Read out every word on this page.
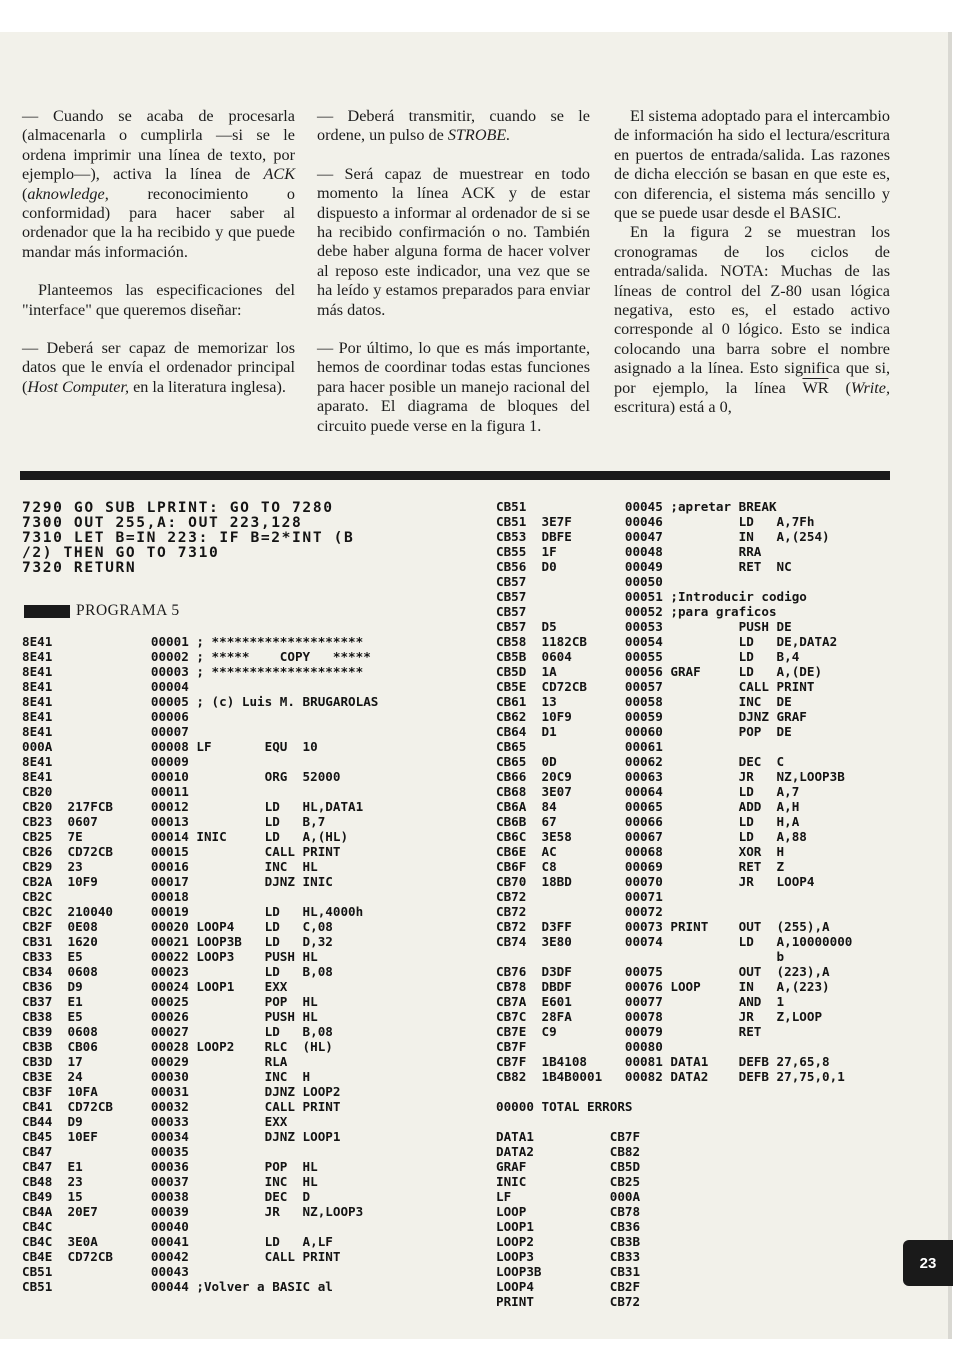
— Cuando se acaba de procesarla (almacenarla o cumplirla —si se le ordena imprimir una línea de texto, por ejemplo—), activa la línea de ACK (aknowledge, reconocimiento o conformidad) para hacer saber al ordenador que la ha recibido y que puede mandar más información.

Planteemos las especificaciones del "interface" que queremos diseñar:

— Deberá ser capaz de memorizar los datos que le envía el ordenador principal (Host Computer, en la literatura inglesa).

— Deberá transmitir, cuando se le ordene, un pulso de STROBE.

— Será capaz de muestrear en todo momento la línea ACK y de estar dispuesto a informar al ordenador de si se ha recibido confirmación o no. También debe haber alguna forma de hacer volver al reposo este indicador, una vez que se ha leído y estamos preparados para enviar más datos.

— Por último, lo que es más importante, hemos de coordinar todas estas funciones para hacer posible un manejo racional del aparato. El diagrama de bloques del circuito puede verse en la figura 1.

El sistema adoptado para el intercambio de información ha sido el lectura/escritura en puertos de entrada/salida. Las razones de dicha elección se basan en que este es, con diferencia, el sistema más sencillo y que se puede usar desde el BASIC.

En la figura 2 se muestran los cronogramas de los ciclos de entrada/salida. NOTA: Muchas de las líneas de control del Z-80 usan lógica negativa, esto es, el estado activo corresponde al 0 lógico. Esto se indica colocando una barra sobre el nombre asignado a la línea. Esto significa que si, por ejemplo, la línea $\overline{WR}$ (Write, escritura) está a 0,

7290 GO SUB LPRINT: GO TO 7280
7300 OUT 255,A: OUT 223,128
7310 LET B=IN 223: IF B=2*INT (B
/2) THEN GO TO 7310
7320 RETURN
PROGRAMA 5
8E41             00001 ; ********************
8E41             00002 ; *****    COPY   *****
8E41             00003 ; ********************
8E41             00004
8E41             00005 ; (c) Luis M. BRUGAROLAS
8E41             00006
8E41             00007
000A             00008 LF       EQU  10
8E41             00009
8E41             00010          ORG  52000
CB20             00011
CB20  217FCB     00012          LD   HL,DATA1
CB23  0607       00013          LD   B,7
CB25  7E         00014 INIC     LD   A,(HL)
CB26  CD72CB     00015          CALL PRINT
CB29  23         00016          INC  HL
CB2A  10F9       00017          DJNZ INIC
CB2C             00018
CB2C  210040     00019          LD   HL,4000h
CB2F  0E08       00020 LOOP4    LD   C,08
CB31  1620       00021 LOOP3B   LD   D,32
CB33  E5         00022 LOOP3    PUSH HL
CB34  0608       00023          LD   B,08
CB36  D9         00024 LOOP1    EXX
CB37  E1         00025          POP  HL
CB38  E5         00026          PUSH HL
CB39  0608       00027          LD   B,08
CB3B  CB06       00028 LOOP2    RLC  (HL)
CB3D  17         00029          RLA
CB3E  24         00030          INC  H
CB3F  10FA       00031          DJNZ LOOP2
CB41  CD72CB     00032          CALL PRINT
CB44  D9         00033          EXX
CB45  10EF       00034          DJNZ LOOP1
CB47             00035
CB47  E1         00036          POP  HL
CB48  23         00037          INC  HL
CB49  15         00038          DEC  D
CB4A  20E7       00039          JR   NZ,LOOP3
CB4C             00040
CB4C  3E0A       00041          LD   A,LF
CB4E  CD72CB     00042          CALL PRINT
CB51             00043
CB51             00044 ;Volver a BASIC al
CB51             00045 ;apretar BREAK
CB51  3E7F       00046          LD   A,7Fh
CB53  DBFE       00047          IN   A,(254)
CB55  1F         00048          RRA
CB56  D0         00049          RET  NC
CB57             00050
CB57             00051 ;Introducir codigo
CB57             00052 ;para graficos
CB57  D5         00053          PUSH DE
CB58  1182CB     00054          LD   DE,DATA2
CB5B  0604       00055          LD   B,4
CB5D  1A         00056 GRAF     LD   A,(DE)
CB5E  CD72CB     00057          CALL PRINT
CB61  13         00058          INC  DE
CB62  10F9       00059          DJNZ GRAF
CB64  D1         00060          POP  DE
CB65             00061
CB65  0D         00062          DEC  C
CB66  20C9       00063          JR   NZ,LOOP3B
CB68  3E07       00064          LD   A,7
CB6A  84         00065          ADD  A,H
CB6B  67         00066          LD   H,A
CB6C  3E58       00067          LD   A,88
CB6E  AC         00068          XOR  H
CB6F  C8         00069          RET  Z
CB70  18BD       00070          JR   LOOP4
CB72             00071
CB72             00072
CB72  D3FF       00073 PRINT    OUT  (255),A
CB74  3E80       00074          LD   A,10000000
b
CB76  D3DF       00075          OUT  (223),A
CB78  DBDF       00076 LOOP     IN   A,(223)
CB7A  E601       00077          AND  1
CB7C  28FA       00078          JR   Z,LOOP
CB7E  C9         00079          RET
CB7F             00080
CB7F  1B4108     00081 DATA1    DEFB 27,65,8
CB82  1B4B0001   00082 DATA2    DEFB 27,75,0,1

00000 TOTAL ERRORS

DATA1          CB7F
DATA2          CB82
GRAF           CB5D
INIC           CB25
LF             000A
LOOP           CB78
LOOP1          CB36
LOOP2          CB3B
LOOP3          CB33
LOOP3B         CB31
LOOP4          CB2F
PRINT          CB72
23
